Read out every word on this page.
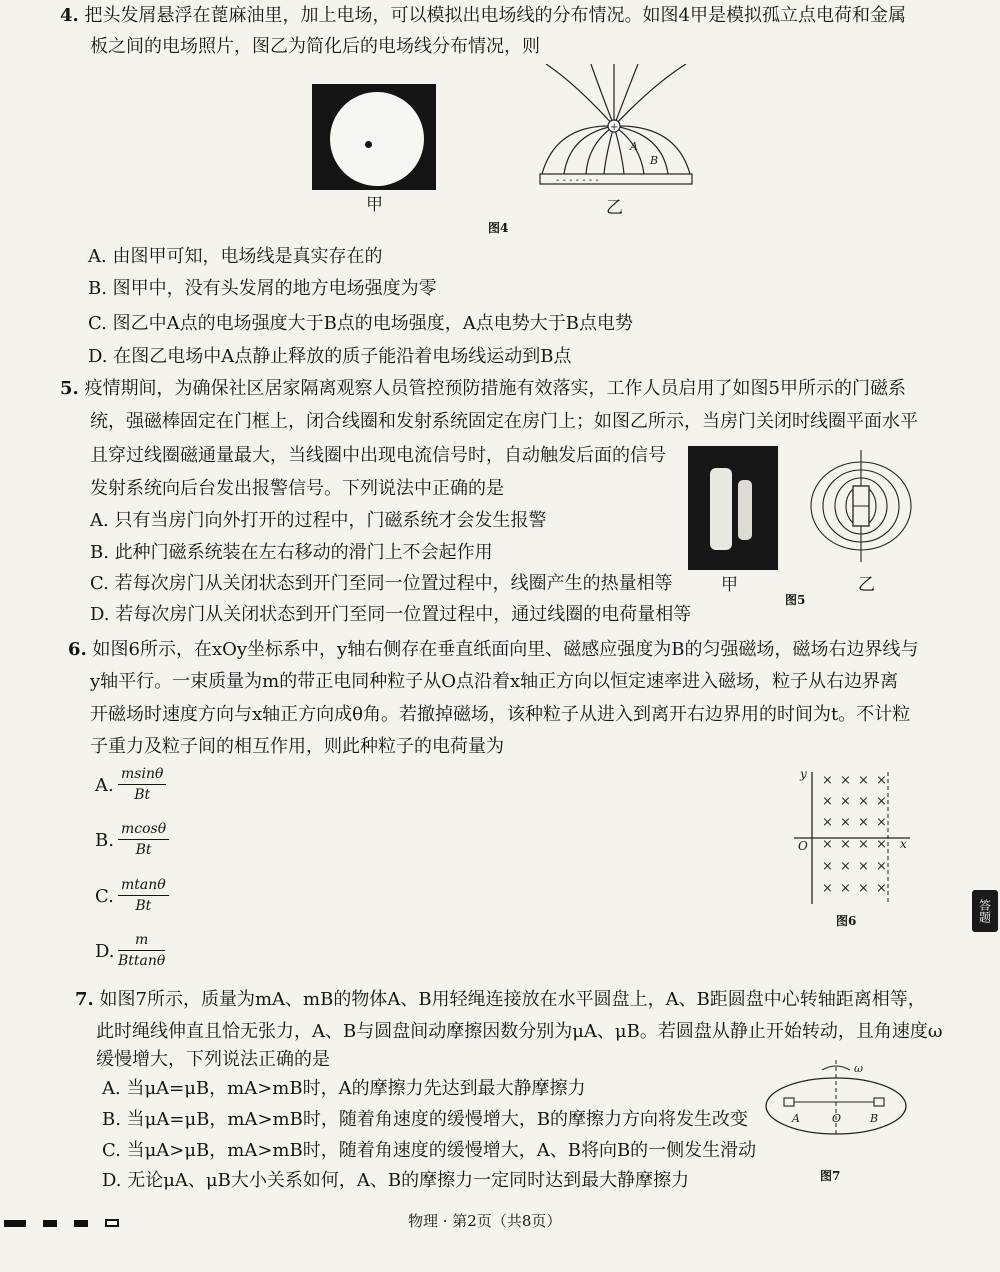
4. 把头发屑悬浮在蓖麻油里，加上电场，可以模拟出电场线的分布情况。如图4甲是模拟孤立点电荷和金属
板之间的电场照片，图乙为简化后的电场线分布情况，则
甲
+
- - - - - - -
A
B
乙
图4
A. 由图甲可知，电场线是真实存在的
B. 图甲中，没有头发屑的地方电场强度为零
C. 图乙中A点的电场强度大于B点的电场强度，A点电势大于B点电势
D. 在图乙电场中A点静止释放的质子能沿着电场线运动到B点
5. 疫情期间，为确保社区居家隔离观察人员管控预防措施有效落实，工作人员启用了如图5甲所示的门磁系
统，强磁棒固定在门框上，闭合线圈和发射系统固定在房门上；如图乙所示，当房门关闭时线圈平面水平
且穿过线圈磁通量最大，当线圈中出现电流信号时，自动触发后面的信号
发射系统向后台发出报警信号。下列说法中正确的是
A. 只有当房门向外打开的过程中，门磁系统才会发生报警
B. 此种门磁系统装在左右移动的滑门上不会起作用
C. 若每次房门从关闭状态到开门至同一位置过程中，线圈产生的热量相等
D. 若每次房门从关闭状态到开门至同一位置过程中，通过线圈的电荷量相等
甲	乙
图5
6. 如图6所示，在xOy坐标系中，y轴右侧存在垂直纸面向里、磁感应强度为B的匀强磁场，磁场右边界线与
y轴平行。一束质量为m的带正电同种粒子从O点沿着x轴正方向以恒定速率进入磁场，粒子从右边界离
开磁场时速度方向与x轴正方向成θ角。若撤掉磁场，该种粒子从进入到离开右边界用的时间为t。不计粒
子重力及粒子间的相互作用，则此种粒子的电荷量为
A. $\frac{msin\theta}{Bt}$
B. $\frac{mcos\theta}{Bt}$
C. $\frac{mtan\theta}{Bt}$
D. $\frac{m}{Bttan\theta}$
y
x
O
× × × ×
× × × ×
× × × ×
× × × ×
× × × ×
× × × ×
图6
7. 如图7所示，质量为mA、mB的物体A、B用轻绳连接放在水平圆盘上，A、B距圆盘中心转轴距离相等，
此时绳线伸直且恰无张力，A、B与圆盘间动摩擦因数分别为μA、μB。若圆盘从静止开始转动，且角速度ω
缓慢增大，下列说法正确的是
A. 当μA=μB，mA>mB时，A的摩擦力先达到最大静摩擦力
B. 当μA=μB，mA>mB时，随着角速度的缓慢增大，B的摩擦力方向将发生改变
C. 当μA>μB，mA>mB时，随着角速度的缓慢增大，A、B将向B的一侧发生滑动
D. 无论μA、μB大小关系如何，A、B的摩擦力一定同时达到最大静摩擦力
ω
A	O	B
图7
答题

物理 · 第2页（共8页）
